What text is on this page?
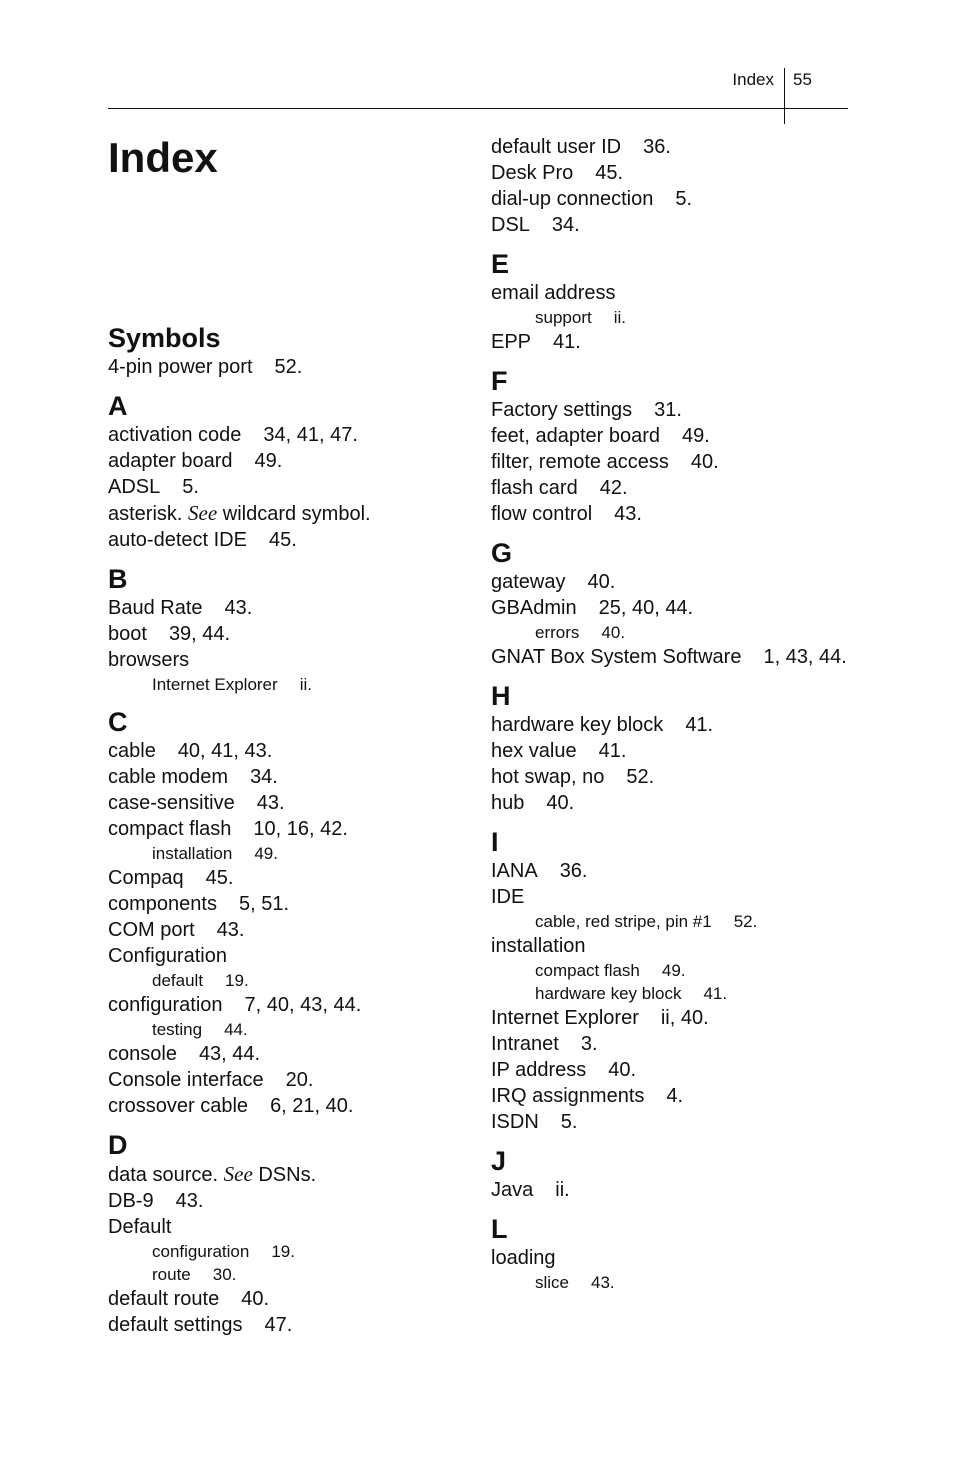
Index 55
Index
Symbols
4-pin power port 52.
A
activation code 34, 41, 47.
adapter board 49.
ADSL 5.
asterisk. See wildcard symbol.
auto-detect IDE 45.
B
Baud Rate 43.
boot 39, 44.
browsers
Internet Explorer ii.
C
cable 40, 41, 43.
cable modem 34.
case-sensitive 43.
compact flash 10, 16, 42.
installation 49.
Compaq 45.
components 5, 51.
COM port 43.
Configuration
default 19.
configuration 7, 40, 43, 44.
testing 44.
console 43, 44.
Console interface 20.
crossover cable 6, 21, 40.
D
data source. See DSNs.
DB-9 43.
Default
configuration 19.
route 30.
default route 40.
default settings 47.
default user ID 36.
Desk Pro 45.
dial-up connection 5.
DSL 34.
E
email address
support ii.
EPP 41.
F
Factory settings 31.
feet, adapter board 49.
filter, remote access 40.
flash card 42.
flow control 43.
G
gateway 40.
GBAdmin 25, 40, 44.
errors 40.
GNAT Box System Software 1, 43, 44.
H
hardware key block 41.
hex value 41.
hot swap, no 52.
hub 40.
I
IANA 36.
IDE
cable, red stripe, pin #1 52.
installation
compact flash 49.
hardware key block 41.
Internet Explorer ii, 40.
Intranet 3.
IP address 40.
IRQ assignments 4.
ISDN 5.
J
Java ii.
L
loading
slice 43.
